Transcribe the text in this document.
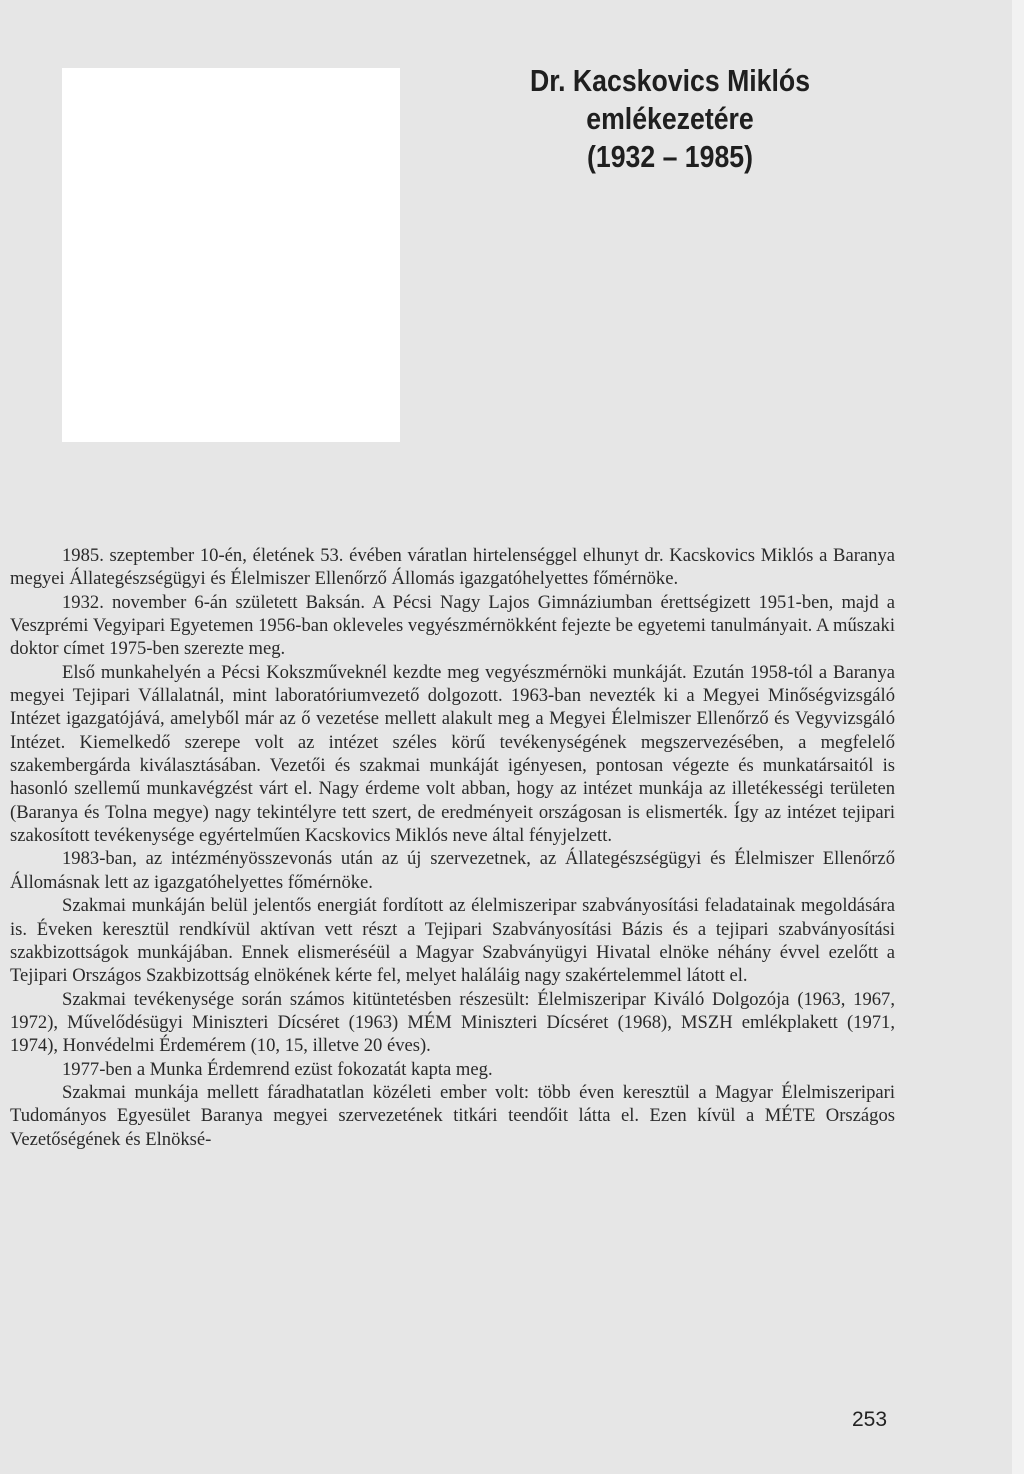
Dr. Kacskovics Miklós
emlékezetére
(1932 – 1985)

1985. szeptember 10-én, életének 53. évében váratlan hirtelenséggel elhunyt dr. Kacskovics Miklós a Baranya megyei Állategészségügyi és Élelmiszer Ellenőrző Állomás igazgatóhelyettes főmérnöke.

1932. november 6-án született Baksán. A Pécsi Nagy Lajos Gimnáziumban érettségizett 1951-ben, majd a Veszprémi Vegyipari Egyetemen 1956-ban okleveles vegyészmérnökként fejezte be egyetemi tanulmányait. A műszaki doktor címet 1975-ben szerezte meg.

Első munkahelyén a Pécsi Kokszműveknél kezdte meg vegyészmérnöki munkáját. Ezután 1958-tól a Baranya megyei Tejipari Vállalatnál, mint laboratóriumvezető dolgozott. 1963-ban nevezték ki a Megyei Minőségvizsgáló Intézet igazgatójává, amelyből már az ő vezetése mellett alakult meg a Megyei Élelmiszer Ellenőrző és Vegyvizsgáló Intézet. Kiemelkedő szerepe volt az intézet széles körű tevékenységének megszervezésében, a megfelelő szakembergárda kiválasztásában. Vezetői és szakmai munkáját igényesen, pontosan végezte és munkatársaitól is hasonló szellemű munkavégzést várt el. Nagy érdeme volt abban, hogy az intézet munkája az illetékességi területen (Baranya és Tolna megye) nagy tekintélyre tett szert, de eredményeit országosan is elismerték. Így az intézet tejipari szakosított tevékenysége egyértelműen Kacskovics Miklós neve által fényjelzett.

1983-ban, az intézményösszevonás után az új szervezetnek, az Állategészségügyi és Élelmiszer Ellenőrző Állomásnak lett az igazgatóhelyettes főmérnöke.

Szakmai munkáján belül jelentős energiát fordított az élelmiszeripar szabványosítási feladatainak megoldására is. Éveken keresztül rendkívül aktívan vett részt a Tejipari Szabványosítási Bázis és a tejipari szabványosítási szakbizottságok munkájában. Ennek elismeréséül a Magyar Szabványügyi Hivatal elnöke néhány évvel ezelőtt a Tejipari Országos Szakbizottság elnökének kérte fel, melyet haláláig nagy szakértelemmel látott el.

Szakmai tevékenysége során számos kitüntetésben részesült: Élelmiszeripar Kiváló Dolgozója (1963, 1967, 1972), Művelődésügyi Miniszteri Dícséret (1963) MÉM Miniszteri Dícséret (1968), MSZH emlékplakett (1971, 1974), Honvédelmi Érdemérem (10, 15, illetve 20 éves).

1977-ben a Munka Érdemrend ezüst fokozatát kapta meg.

Szakmai munkája mellett fáradhatatlan közéleti ember volt: több éven keresztül a Magyar Élelmiszeripari Tudományos Egyesület Baranya megyei szervezetének titkári teendőit látta el. Ezen kívül a MÉTE Országos Vezetőségének és Elnöksé-

253
